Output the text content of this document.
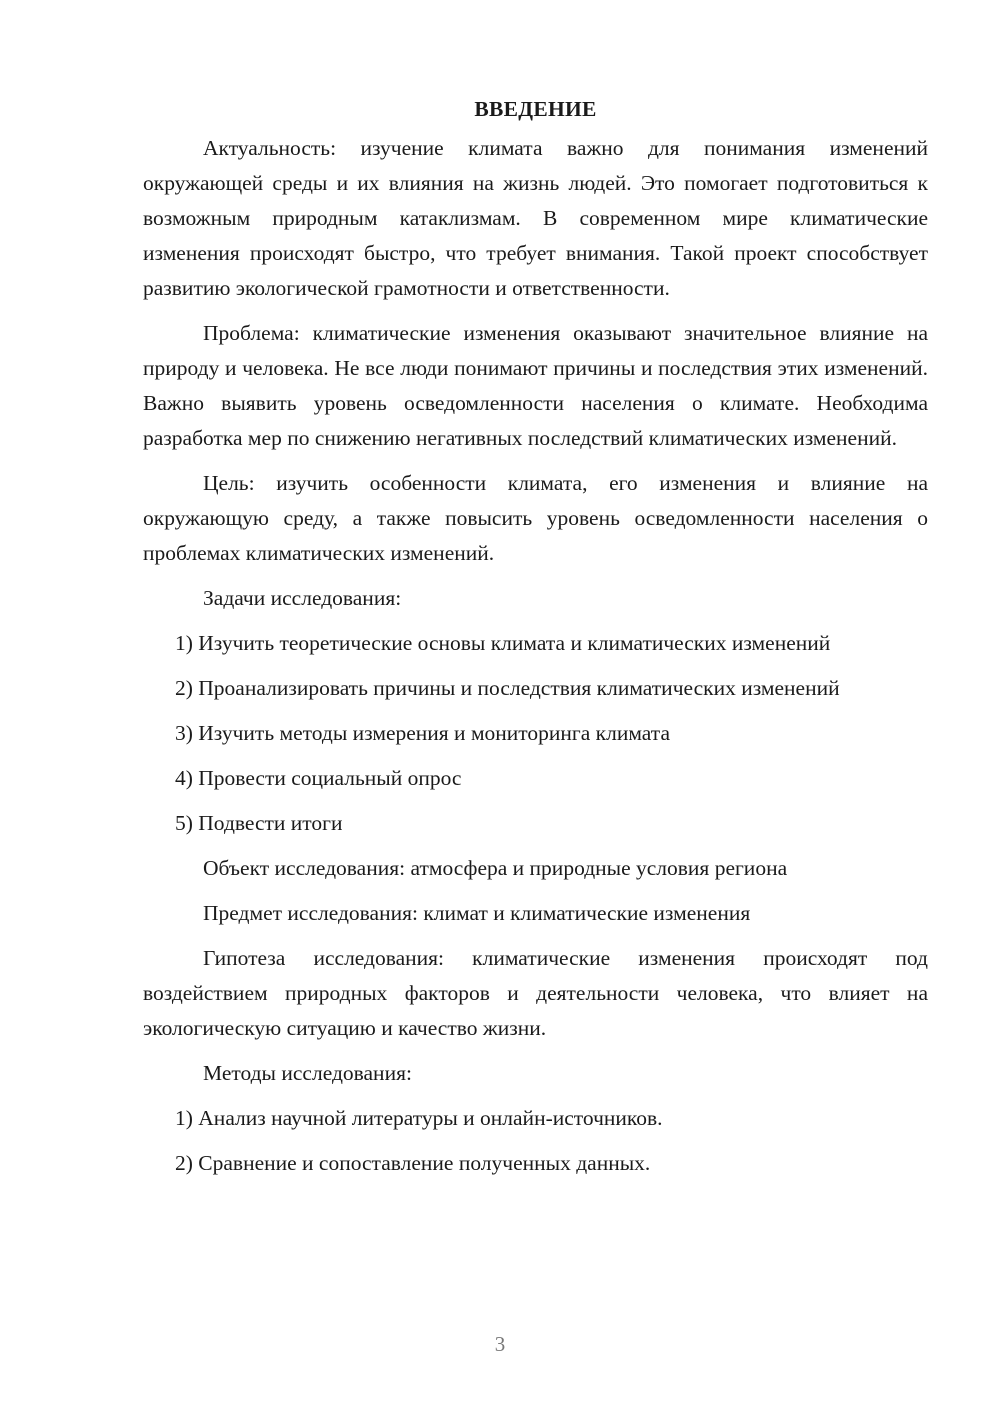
ВВЕДЕНИЕ

Актуальность: изучение климата важно для понимания изменений окружающей среды и их влияния на жизнь людей. Это помогает подготовиться к возможным природным катаклизмам. В современном мире климатические изменения происходят быстро, что требует внимания. Такой проект способствует развитию экологической грамотности и ответственности.

Проблема: климатические изменения оказывают значительное влияние на природу и человека. Не все люди понимают причины и последствия этих изменений. Важно выявить уровень осведомленности населения о климате. Необходима разработка мер по снижению негативных последствий климатических изменений.

Цель: изучить особенности климата, его изменения и влияние на окружающую среду, а также повысить уровень осведомленности населения о проблемах климатических изменений.

Задачи исследования:

1) Изучить теоретические основы климата и климатических изменений

2) Проанализировать причины и последствия климатических изменений

3) Изучить методы измерения и мониторинга климата

4) Провести социальный опрос

5) Подвести итоги

Объект исследования: атмосфера и природные условия региона

Предмет исследования: климат и климатические изменения

Гипотеза исследования: климатические изменения происходят под воздействием природных факторов и деятельности человека, что влияет на экологическую ситуацию и качество жизни.

Методы исследования:

1) Анализ научной литературы и онлайн-источников.

2) Сравнение и сопоставление полученных данных.

3
